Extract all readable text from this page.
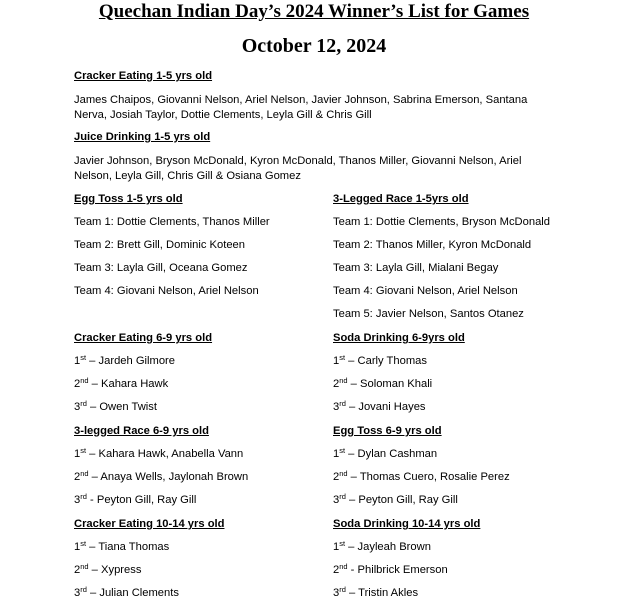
Quechan Indian Day’s 2024 Winner’s List for Games
October 12, 2024
Cracker Eating 1-5 yrs old
James Chaipos, Giovanni Nelson, Ariel Nelson, Javier Johnson, Sabrina Emerson, Santana Nerva, Josiah Taylor, Dottie Clements, Leyla Gill & Chris Gill
Juice Drinking 1-5 yrs old
Javier Johnson, Bryson McDonald, Kyron McDonald, Thanos Miller, Giovanni Nelson, Ariel Nelson, Leyla Gill, Chris Gill & Osiana Gomez
Egg Toss 1-5 yrs old
Team 1: Dottie Clements, Thanos Miller
Team 2: Brett Gill, Dominic Koteen
Team 3: Layla Gill, Oceana Gomez
Team 4: Giovani Nelson, Ariel Nelson
3-Legged Race 1-5yrs old
Team 1: Dottie Clements, Bryson McDonald
Team 2: Thanos Miller, Kyron McDonald
Team 3: Layla Gill, Mialani Begay
Team 4: Giovani Nelson, Ariel Nelson
Team 5: Javier Nelson, Santos Otanez
Cracker Eating 6-9 yrs old
1st – Jardeh Gilmore
2nd – Kahara Hawk
3rd – Owen Twist
Soda Drinking 6-9yrs old
1st – Carly Thomas
2nd – Soloman Khali
3rd – Jovani Hayes
3-legged Race 6-9 yrs old
1st – Kahara Hawk, Anabella Vann
2nd – Anaya Wells, Jaylonah Brown
3rd - Peyton Gill, Ray Gill
Egg Toss 6-9 yrs old
1st – Dylan Cashman
2nd – Thomas Cuero, Rosalie Perez
3rd – Peyton Gill, Ray Gill
Cracker Eating 10-14 yrs old
1st – Tiana Thomas
2nd – Xypress
3rd – Julian Clements
Soda Drinking 10-14 yrs old
1st – Jayleah Brown
2nd - Philbrick Emerson
3rd – Tristin Akles
